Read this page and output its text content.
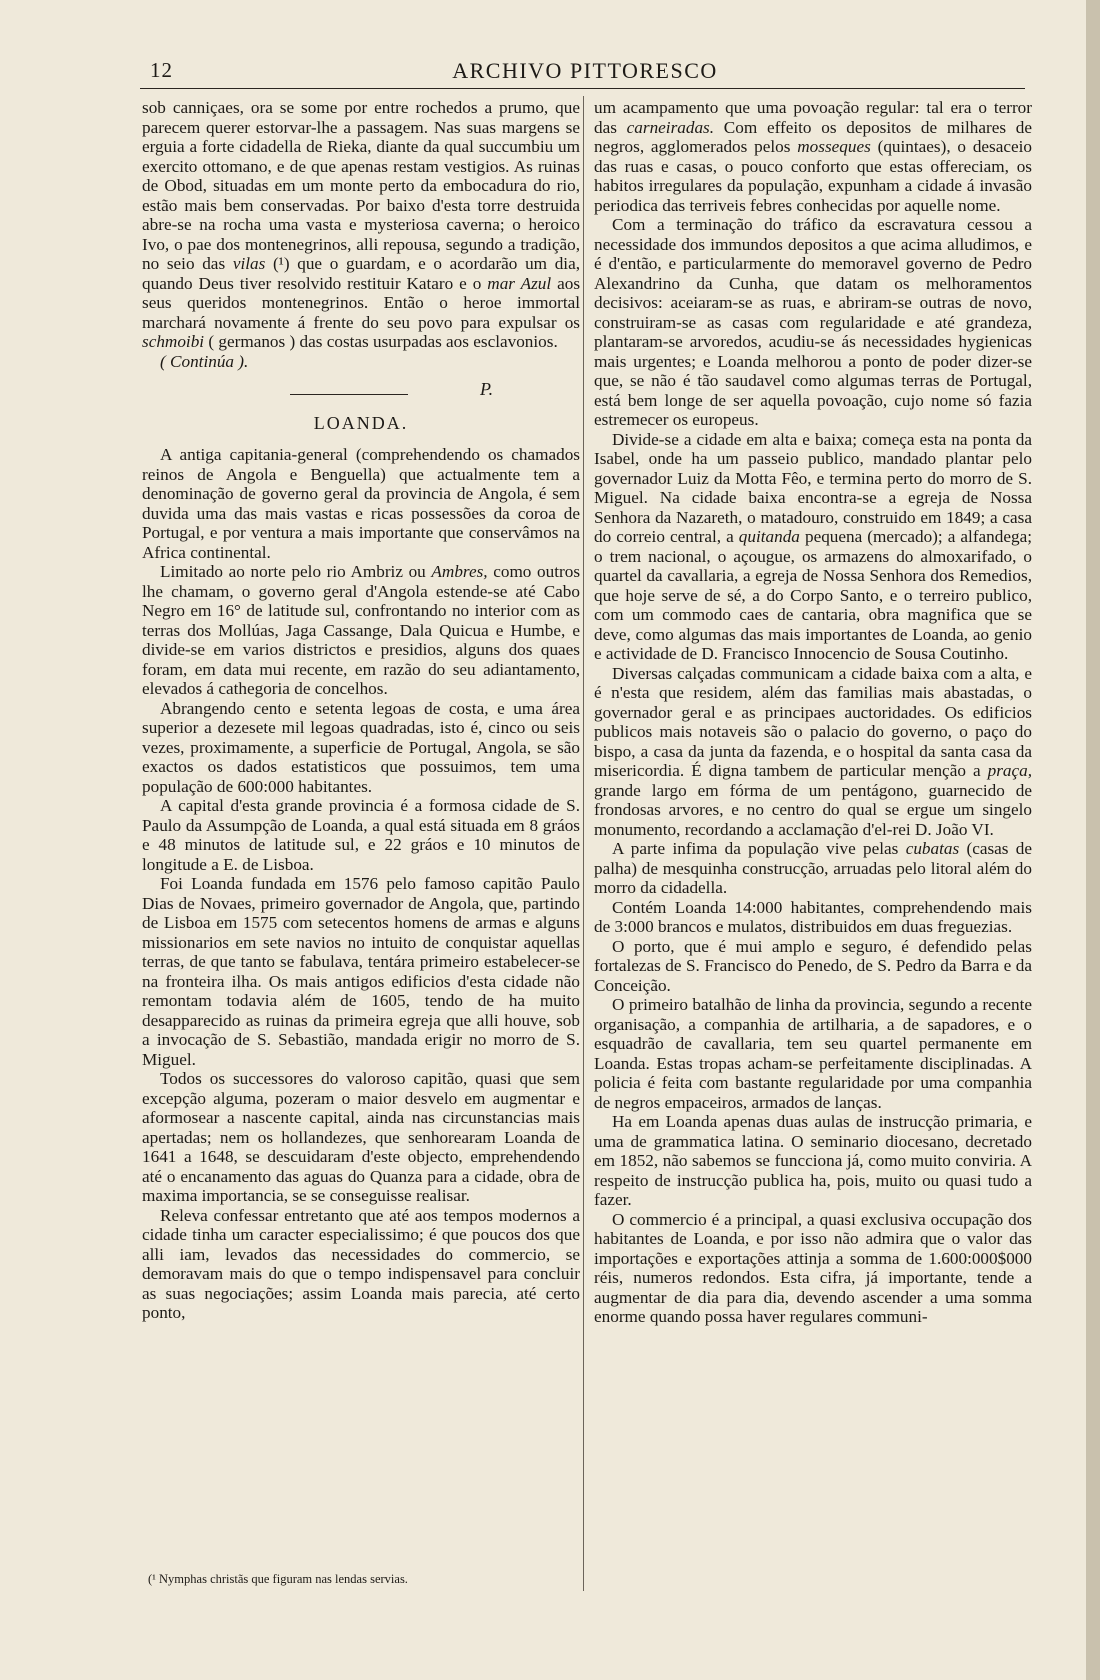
12	ARCHIVO PITTORESCO

sob canniçaes, ora se some por entre rochedos a prumo, que parecem querer estorvar-lhe a passagem. Nas suas margens se erguia a forte cidadella de Rieka, diante da qual succumbiu um exercito ottomano, e de que apenas restam vestigios. As ruinas de Obod, situadas em um monte perto da embocadura do rio, estão mais bem conservadas. Por baixo d'esta torre destruida abre-se na rocha uma vasta e mysteriosa caverna; o heroico Ivo, o pae dos montenegrinos, alli repousa, segundo a tradição, no seio das vilas (¹) que o guardam, e o acordarão um dia, quando Deus tiver resolvido restituir Kataro e o mar Azul aos seus queridos montenegrinos. Então o heroe immortal marchará novamente á frente do seu povo para expulsar os schmoibi ( germanos ) das costas usurpadas aos esclavonios.

( Continúa ).
P.
LOANDA.

A antiga capitania-general (comprehendendo os chamados reinos de Angola e Benguella) que actualmente tem a denominação de governo geral da provincia de Angola, é sem duvida uma das mais vastas e ricas possessões da coroa de Portugal, e por ventura a mais importante que conservâmos na Africa continental.

Limitado ao norte pelo rio Ambriz ou Ambres, como outros lhe chamam, o governo geral d'Angola estende-se até Cabo Negro em 16° de latitude sul, confrontando no interior com as terras dos Mollúas, Jaga Cassange, Dala Quicua e Humbe, e divide-se em varios districtos e presidios, alguns dos quaes foram, em data mui recente, em razão do seu adiantamento, elevados á cathegoria de concelhos.

Abrangendo cento e setenta legoas de costa, e uma área superior a dezesete mil legoas quadradas, isto é, cinco ou seis vezes, proximamente, a superficie de Portugal, Angola, se são exactos os dados estatisticos que possuimos, tem uma população de 600:000 habitantes.

A capital d'esta grande provincia é a formosa cidade de S. Paulo da Assumpção de Loanda, a qual está situada em 8 gráos e 48 minutos de latitude sul, e 22 gráos e 10 minutos de longitude a E. de Lisboa.

Foi Loanda fundada em 1576 pelo famoso capitão Paulo Dias de Novaes, primeiro governador de Angola, que, partindo de Lisboa em 1575 com setecentos homens de armas e alguns missionarios em sete navios no intuito de conquistar aquellas terras, de que tanto se fabulava, tentára primeiro estabelecer-se na fronteira ilha. Os mais antigos edificios d'esta cidade não remontam todavia além de 1605, tendo de ha muito desapparecido as ruinas da primeira egreja que alli houve, sob a invocação de S. Sebastião, mandada erigir no morro de S. Miguel.

Todos os successores do valoroso capitão, quasi que sem excepção alguma, pozeram o maior desvelo em augmentar e aformosear a nascente capital, ainda nas circunstancias mais apertadas; nem os hollandezes, que senhorearam Loanda de 1641 a 1648, se descuidaram d'este objecto, emprehendendo até o encanamento das aguas do Quanza para a cidade, obra de maxima importancia, se se conseguisse realisar.

Releva confessar entretanto que até aos tempos modernos a cidade tinha um caracter especialissimo; é que poucos dos que alli iam, levados das necessidades do commercio, se demoravam mais do que o tempo indispensavel para concluir as suas negociações; assim Loanda mais parecia, até certo ponto,

um acampamento que uma povoação regular: tal era o terror das carneiradas. Com effeito os depositos de milhares de negros, agglomerados pelos mosseques (quintaes), o desaceio das ruas e casas, o pouco conforto que estas offereciam, os habitos irregulares da população, expunham a cidade á invasão periodica das terriveis febres conhecidas por aquelle nome.

Com a terminação do tráfico da escravatura cessou a necessidade dos immundos depositos a que acima alludimos, e é d'então, e particularmente do memoravel governo de Pedro Alexandrino da Cunha, que datam os melhoramentos decisivos: aceiaram-se as ruas, e abriram-se outras de novo, construiram-se as casas com regularidade e até grandeza, plantaram-se arvoredos, acudiu-se ás necessidades hygienicas mais urgentes; e Loanda melhorou a ponto de poder dizer-se que, se não é tão saudavel como algumas terras de Portugal, está bem longe de ser aquella povoação, cujo nome só fazia estremecer os europeus.

Divide-se a cidade em alta e baixa; começa esta na ponta da Isabel, onde ha um passeio publico, mandado plantar pelo governador Luiz da Motta Fêo, e termina perto do morro de S. Miguel. Na cidade baixa encontra-se a egreja de Nossa Senhora da Nazareth, o matadouro, construido em 1849; a casa do correio central, a quitanda pequena (mercado); a alfandega; o trem nacional, o açougue, os armazens do almoxarifado, o quartel da cavallaria, a egreja de Nossa Senhora dos Remedios, que hoje serve de sé, a do Corpo Santo, e o terreiro publico, com um commodo caes de cantaria, obra magnifica que se deve, como algumas das mais importantes de Loanda, ao genio e actividade de D. Francisco Innocencio de Sousa Coutinho.

Diversas calçadas communicam a cidade baixa com a alta, e é n'esta que residem, além das familias mais abastadas, o governador geral e as principaes auctoridades. Os edificios publicos mais notaveis são o palacio do governo, o paço do bispo, a casa da junta da fazenda, e o hospital da santa casa da misericordia. É digna tambem de particular menção a praça, grande largo em fórma de um pentágono, guarnecido de frondosas arvores, e no centro do qual se ergue um singelo monumento, recordando a acclamação d'el-rei D. João VI.

A parte infima da população vive pelas cubatas (casas de palha) de mesquinha construcção, arruadas pelo litoral além do morro da cidadella.

Contém Loanda 14:000 habitantes, comprehendendo mais de 3:000 brancos e mulatos, distribuidos em duas freguezias.

O porto, que é mui amplo e seguro, é defendido pelas fortalezas de S. Francisco do Penedo, de S. Pedro da Barra e da Conceição.

O primeiro batalhão de linha da provincia, segundo a recente organisação, a companhia de artilharia, a de sapadores, e o esquadrão de cavallaria, tem seu quartel permanente em Loanda. Estas tropas acham-se perfeitamente disciplinadas. A policia é feita com bastante regularidade por uma companhia de negros empaceiros, armados de lanças.

Ha em Loanda apenas duas aulas de instrucção primaria, e uma de grammatica latina. O seminario diocesano, decretado em 1852, não sabemos se funcciona já, como muito conviria. A respeito de instrucção publica ha, pois, muito ou quasi tudo a fazer.

O commercio é a principal, a quasi exclusiva occupação dos habitantes de Loanda, e por isso não admira que o valor das importações e exportações attinja a somma de 1.600:000$000 réis, numeros redondos. Esta cifra, já importante, tende a augmentar de dia para dia, devendo ascender a uma somma enorme quando possa haver regulares communi-

(¹ Nymphas christãs que figuram nas lendas servias.
